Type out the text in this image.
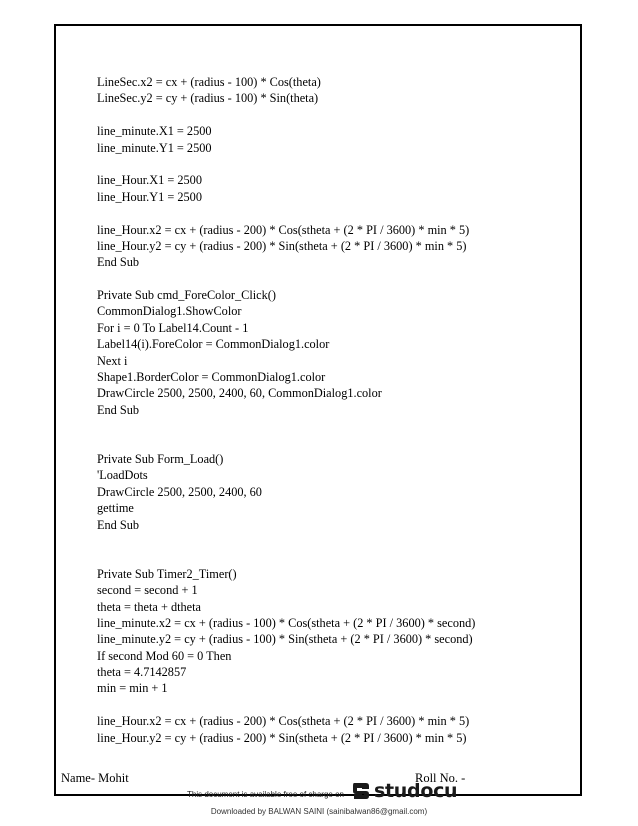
LineSec.x2 = cx + (radius - 100) * Cos(theta)
LineSec.y2 = cy + (radius - 100) * Sin(theta)
line_minute.X1 = 2500
line_minute.Y1 = 2500
line_Hour.X1 = 2500
line_Hour.Y1 = 2500
line_Hour.x2 = cx + (radius - 200) * Cos(stheta + (2 * PI / 3600) * min * 5)
line_Hour.y2 = cy + (radius - 200) * Sin(stheta + (2 * PI / 3600) * min * 5)
End Sub
Private Sub cmd_ForeColor_Click()
CommonDialog1.ShowColor
For i = 0 To Label14.Count - 1
Label14(i).ForeColor = CommonDialog1.color
Next i
Shape1.BorderColor = CommonDialog1.color
DrawCircle 2500, 2500, 2400, 60, CommonDialog1.color
End Sub
Private Sub Form_Load()
'LoadDots
DrawCircle 2500, 2500, 2400, 60
gettime
End Sub
Private Sub Timer2_Timer()
second = second + 1
theta = theta + dtheta
line_minute.x2 = cx + (radius - 100) * Cos(stheta + (2 * PI / 3600) * second)
line_minute.y2 = cy + (radius - 100) * Sin(stheta + (2 * PI / 3600) * second)
If second Mod 60 = 0 Then
theta = 4.7142857
min = min + 1
line_Hour.x2 = cx + (radius - 200) * Cos(stheta + (2 * PI / 3600) * min * 5)
line_Hour.y2 = cy + (radius - 200) * Sin(stheta + (2 * PI / 3600) * min * 5)
Name- Mohit	Roll No. -
This document is available free of charge on studocu
Downloaded by BALWAN SAINI (sainibalwan86@gmail.com)
